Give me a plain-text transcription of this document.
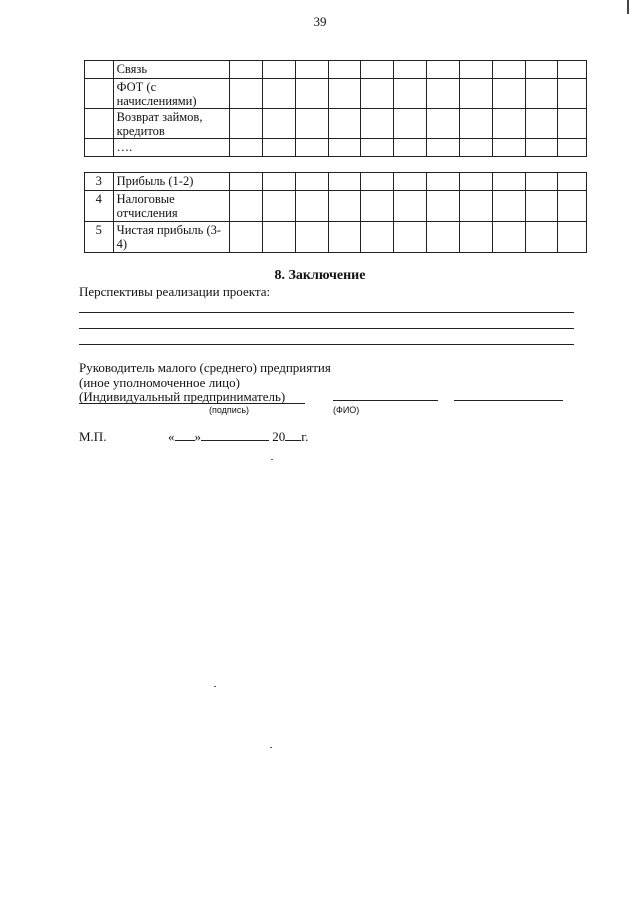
39
	Связь											
	ФОТ (с начислениями)											
	Возврат займов, кредитов											
	….											
3	Прибыль (1-2)											
4	Налоговые отчисления											
5	Чистая прибыль (3-4)											
8. Заключение
Перспективы реализации проекта:
Руководитель малого (среднего) предприятия
(иное уполномоченное лицо)
(Индивидуальный предприниматель)
(подпись)	(ФИО)
М.П.	« »	20 г.
